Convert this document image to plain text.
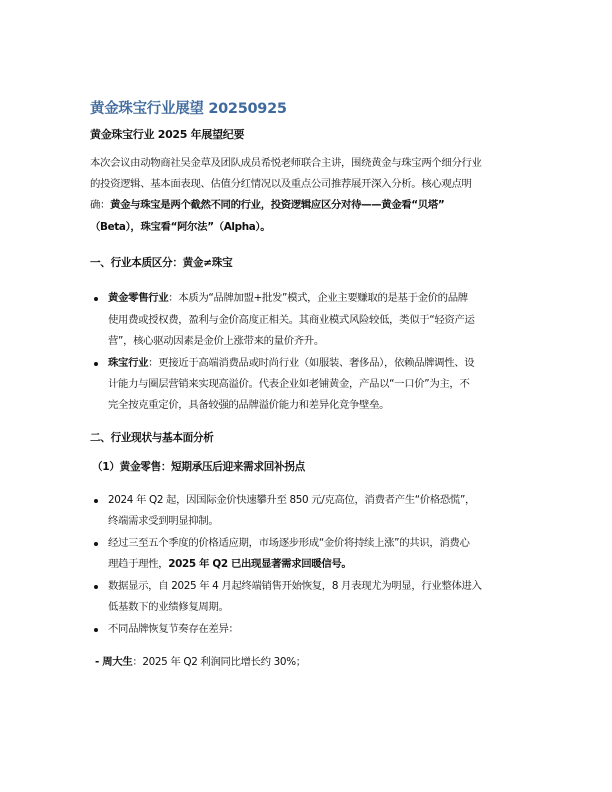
黄金珠宝行业展望 20250925
黄金珠宝行业 2025 年展望纪要
本次会议由动物商社吴金草及团队成员希悦老师联合主讲，围绕黄金与珠宝两个细分行业
的投资逻辑、基本面表现、估值分红情况以及重点公司推荐展开深入分析。核心观点明
确：黄金与珠宝是两个截然不同的行业，投资逻辑应区分对待——黄金看“贝塔”
（Beta），珠宝看“阿尔法”（Alpha）。
一、行业本质区分：黄金≠珠宝
黄金零售行业：本质为“品牌加盟+批发”模式，企业主要赚取的是基于金价的品牌
使用费或授权费，盈利与金价高度正相关。其商业模式风险较低，类似于“轻资产运
营”，核心驱动因素是金价上涨带来的量价齐升。
珠宝行业：更接近于高端消费品或时尚行业（如服装、奢侈品），依赖品牌调性、设
计能力与圈层营销来实现高溢价。代表企业如老铺黄金，产品以“一口价”为主，不
完全按克重定价，具备较强的品牌溢价能力和差异化竞争壁垒。
二、行业现状与基本面分析
（1）黄金零售：短期承压后迎来需求回补拐点
2024 年 Q2 起，因国际金价快速攀升至 850 元/克高位，消费者产生“价格恐慌”，
终端需求受到明显抑制。
经过三至五个季度的价格适应期，市场逐步形成“金价将持续上涨”的共识，消费心
理趋于理性，2025 年 Q2 已出现显著需求回暖信号。
数据显示，自 2025 年 4 月起终端销售开始恢复，8 月表现尤为明显，行业整体进入
低基数下的业绩修复周期。
不同品牌恢复节奏存在差异：
- 周大生：2025 年 Q2 利润同比增长约 30%；
